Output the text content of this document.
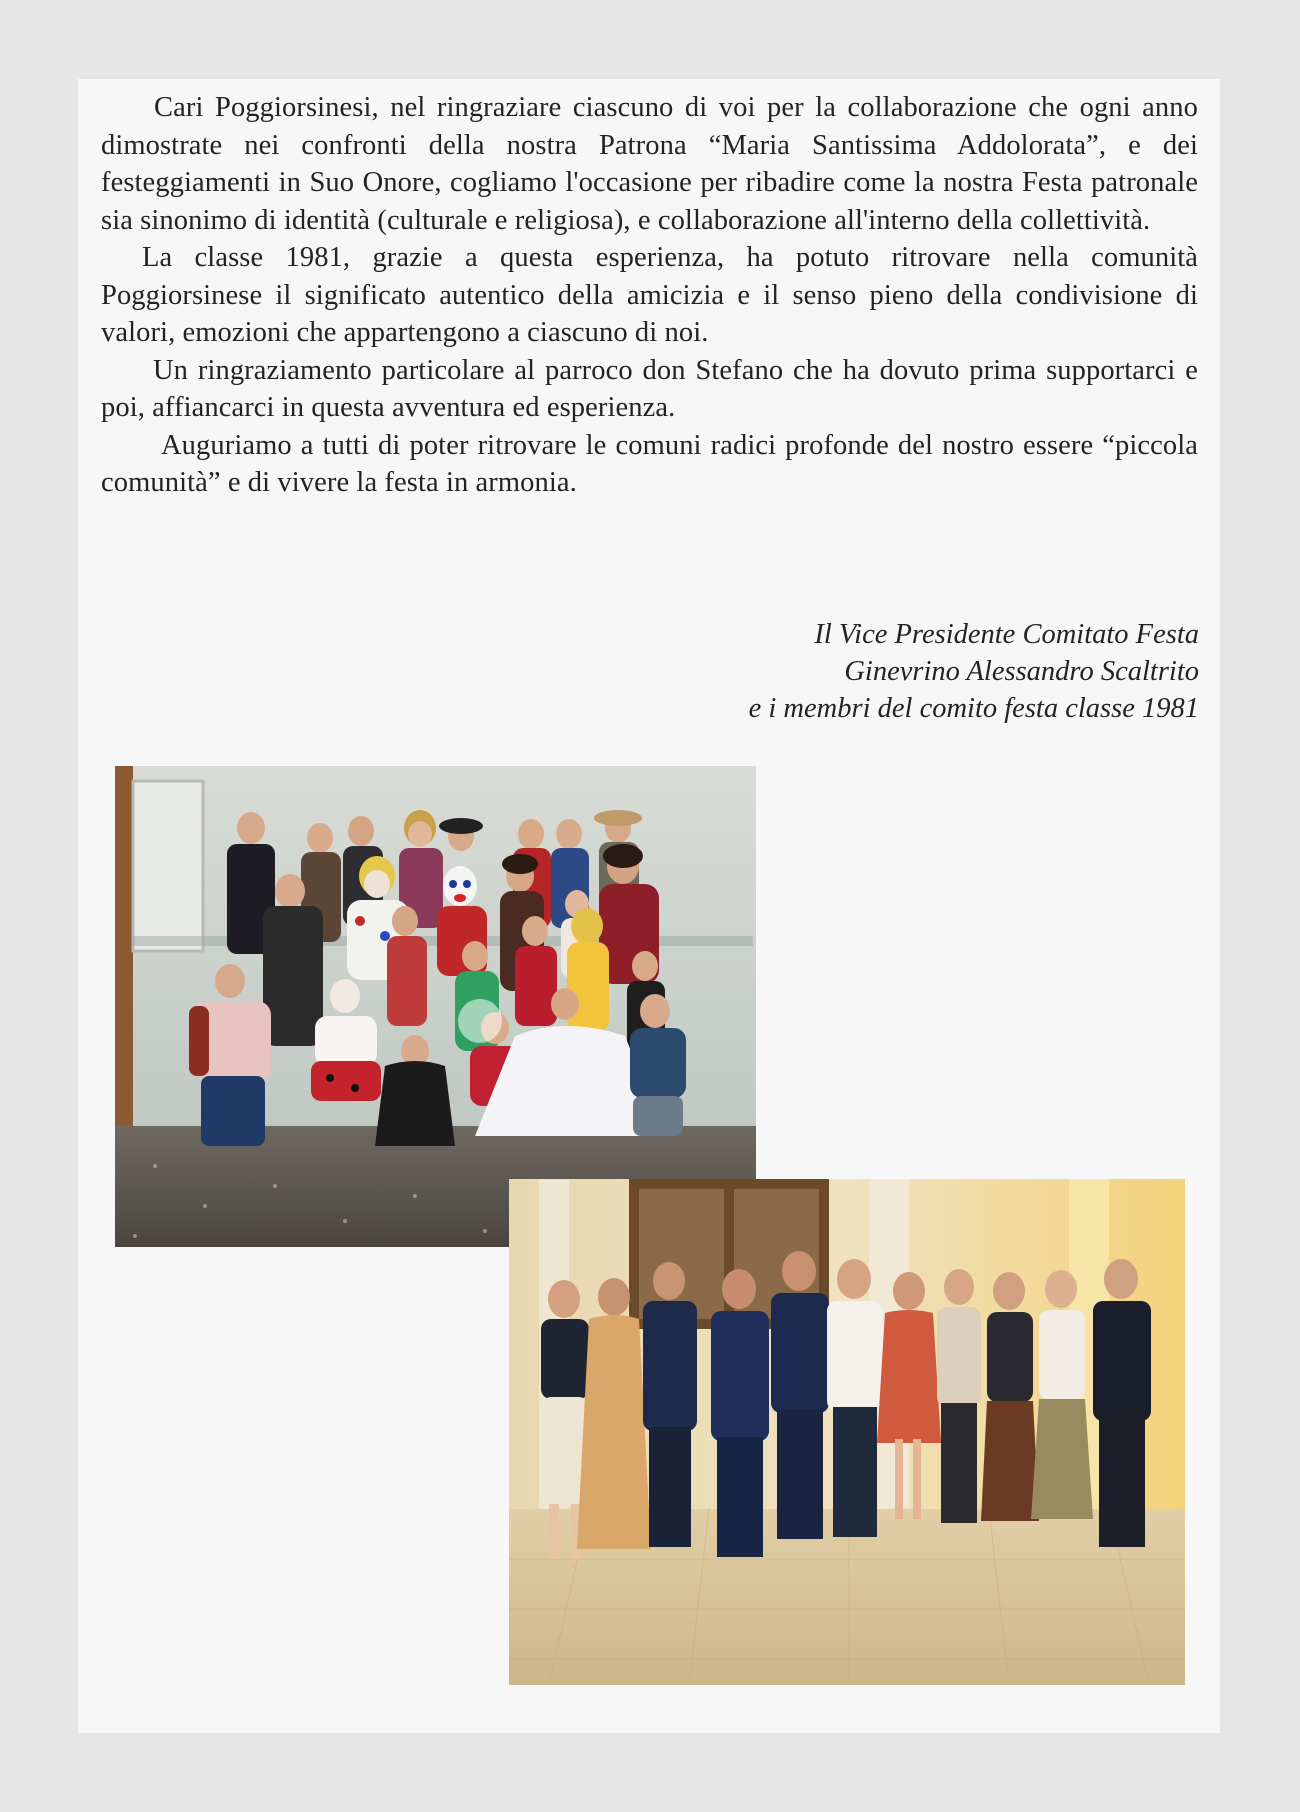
Cari Poggiorsinesi, nel ringraziare ciascuno di voi per la collaborazione che ogni anno dimostrate nei confronti della nostra Patrona “Maria Santissima Addolorata”, e dei festeggiamenti in Suo Onore, cogliamo l'occasione per ribadire come la nostra Festa patronale sia sinonimo di identità (culturale e religiosa), e collaborazione all'interno della collettività.

La classe 1981, grazie a questa esperienza, ha potuto ritrovare nella comunità Poggiorsinese il significato autentico della amicizia e il senso pieno della condivisione di valori, emozioni che appartengono a ciascuno di noi.

Un ringraziamento particolare al parroco don Stefano che ha dovuto prima supportarci e poi, affiancarci in questa avventura ed esperienza.

Auguriamo a tutti di poter ritrovare le comuni radici profonde del nostro essere “piccola comunità” e di vivere la festa in armonia.

Il Vice Presidente Comitato Festa
Ginevrino Alessandro Scaltrito
e i membri del comito festa classe 1981
